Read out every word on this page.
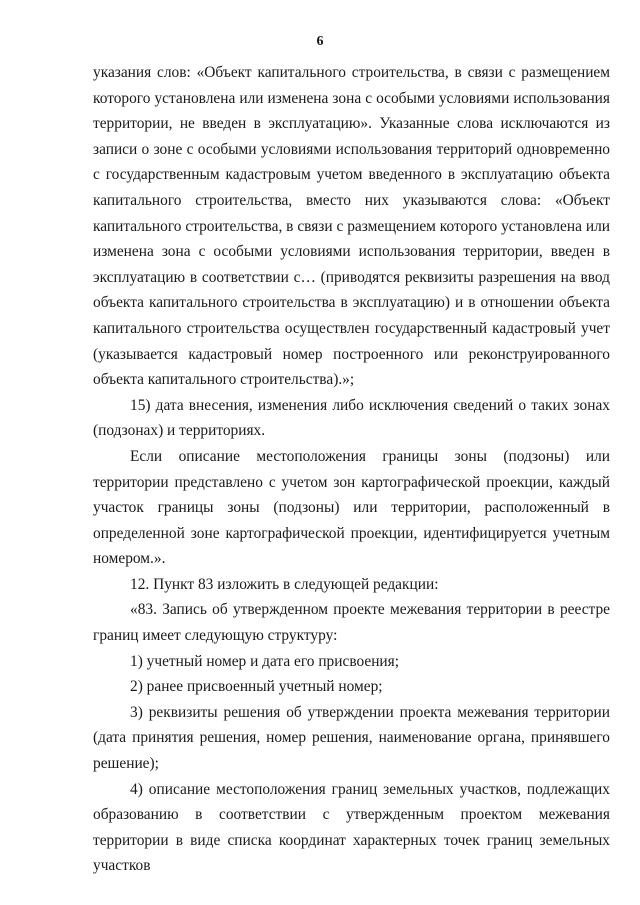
6

указания слов: «Объект капитального строительства, в связи с размещением которого установлена или изменена зона с особыми условиями использования территории, не введен в эксплуатацию». Указанные слова исключаются из записи о зоне с особыми условиями использования территорий одновременно с государственным кадастровым учетом введенного в эксплуатацию объекта капитального строительства, вместо них указываются слова: «Объект капитального строительства, в связи с размещением которого установлена или изменена зона с особыми условиями использования территории, введен в эксплуатацию в соответствии с… (приводятся реквизиты разрешения на ввод объекта капитального строительства в эксплуатацию) и в отношении объекта капитального строительства осуществлен государственный кадастровый учет (указывается кадастровый номер построенного или реконструированного объекта капитального строительства).»;

15) дата внесения, изменения либо исключения сведений о таких зонах (подзонах) и территориях.

Если описание местоположения границы зоны (подзоны) или территории представлено с учетом зон картографической проекции, каждый участок границы зоны (подзоны) или территории, расположенный в определенной зоне картографической проекции, идентифицируется учетным номером.».

12. Пункт 83 изложить в следующей редакции:

«83. Запись об утвержденном проекте межевания территории в реестре границ имеет следующую структуру:

1) учетный номер и дата его присвоения;

2) ранее присвоенный учетный номер;

3) реквизиты решения об утверждении проекта межевания территории (дата принятия решения, номер решения, наименование органа, принявшего решение);

4) описание местоположения границ земельных участков, подлежащих образованию в соответствии с утвержденным проектом межевания территории в виде списка координат характерных точек границ земельных участков
